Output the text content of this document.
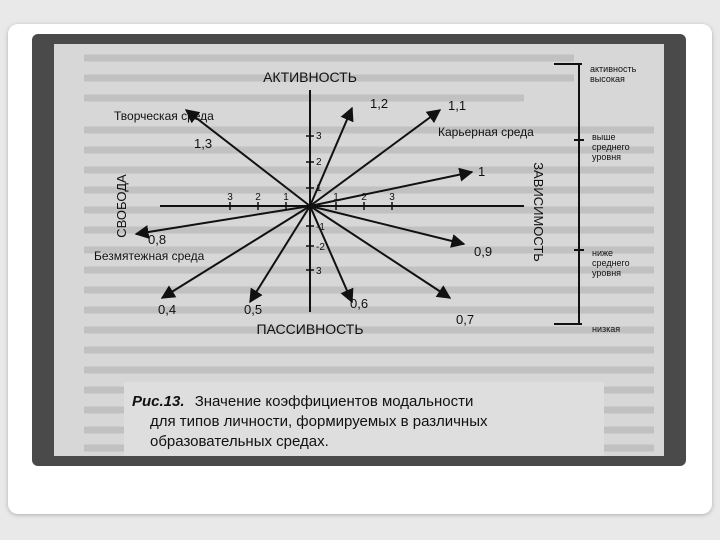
АКТИВНОСТЬ
ПАССИВНОСТЬ
СВОБОДА	ЗАВИСИМОСТЬ
Творческая среда
Карьерная среда
Безмятежная среда
1,2	1,1
1,3
1
0,8
0,9
0,4	0,5	0,6
0,7
1
2
3
-1
-2
3
3 2 1	1 2 3
активность высокая
выше среднего уровня
ниже среднего уровня
низкая
Рис.13. Значение коэффициентов модальности
для типов личности, формируемых в различных
образовательных средах.
